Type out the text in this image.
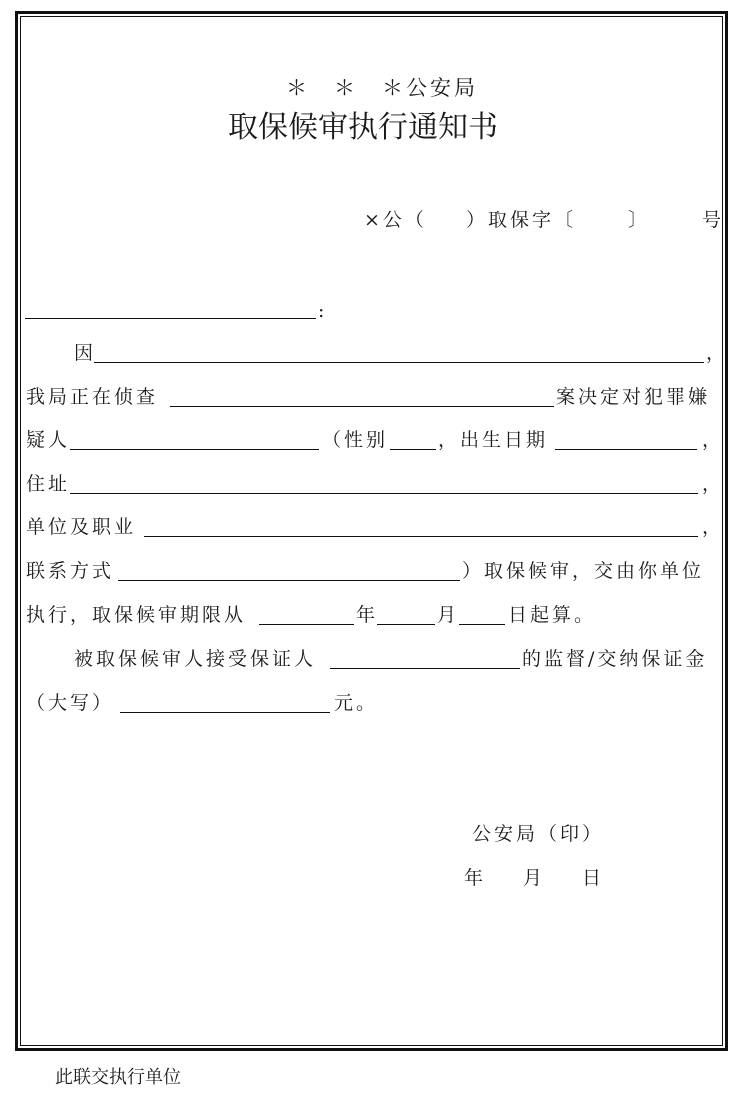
＊　＊　＊公安局
取保候审执行通知书
×公（ ）取保字〔	〕	号
:
因	，
我局正在侦查	案决定对犯罪嫌
疑人	（性别	，出生日期	，
住址	，
单位及职业	，
联系方式	）取保候审，交由你单位
执行，取保候审期限从	年	月	日起算。
被取保候审人接受保证人	的监督/交纳保证金
（大写）	元。
公安局（印）
年 月 日
此联交执行单位
